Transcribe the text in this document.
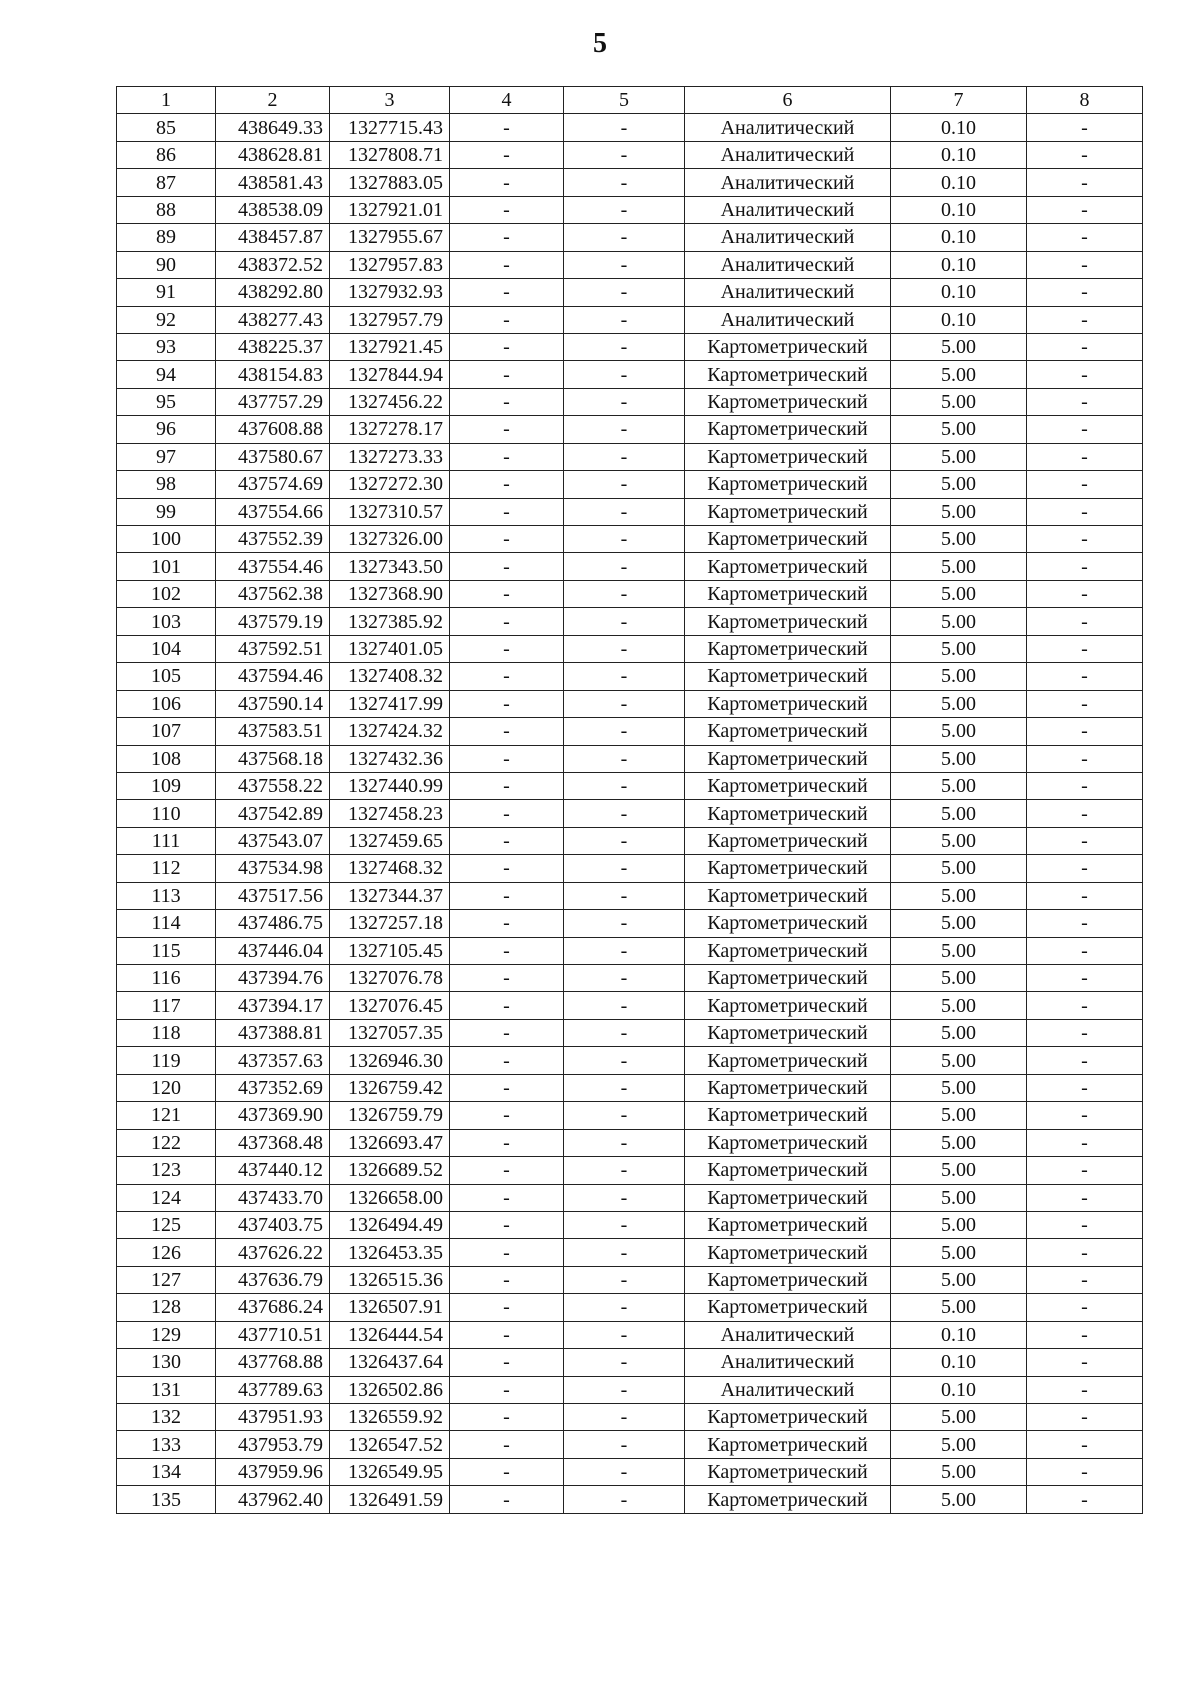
5
1	2	3	4	5	6	7	8
85	438649.33	1327715.43	-	-	Аналитический	0.10	-
86	438628.81	1327808.71	-	-	Аналитический	0.10	-
87	438581.43	1327883.05	-	-	Аналитический	0.10	-
88	438538.09	1327921.01	-	-	Аналитический	0.10	-
89	438457.87	1327955.67	-	-	Аналитический	0.10	-
90	438372.52	1327957.83	-	-	Аналитический	0.10	-
91	438292.80	1327932.93	-	-	Аналитический	0.10	-
92	438277.43	1327957.79	-	-	Аналитический	0.10	-
93	438225.37	1327921.45	-	-	Картометрический	5.00	-
94	438154.83	1327844.94	-	-	Картометрический	5.00	-
95	437757.29	1327456.22	-	-	Картометрический	5.00	-
96	437608.88	1327278.17	-	-	Картометрический	5.00	-
97	437580.67	1327273.33	-	-	Картометрический	5.00	-
98	437574.69	1327272.30	-	-	Картометрический	5.00	-
99	437554.66	1327310.57	-	-	Картометрический	5.00	-
100	437552.39	1327326.00	-	-	Картометрический	5.00	-
101	437554.46	1327343.50	-	-	Картометрический	5.00	-
102	437562.38	1327368.90	-	-	Картометрический	5.00	-
103	437579.19	1327385.92	-	-	Картометрический	5.00	-
104	437592.51	1327401.05	-	-	Картометрический	5.00	-
105	437594.46	1327408.32	-	-	Картометрический	5.00	-
106	437590.14	1327417.99	-	-	Картометрический	5.00	-
107	437583.51	1327424.32	-	-	Картометрический	5.00	-
108	437568.18	1327432.36	-	-	Картометрический	5.00	-
109	437558.22	1327440.99	-	-	Картометрический	5.00	-
110	437542.89	1327458.23	-	-	Картометрический	5.00	-
111	437543.07	1327459.65	-	-	Картометрический	5.00	-
112	437534.98	1327468.32	-	-	Картометрический	5.00	-
113	437517.56	1327344.37	-	-	Картометрический	5.00	-
114	437486.75	1327257.18	-	-	Картометрический	5.00	-
115	437446.04	1327105.45	-	-	Картометрический	5.00	-
116	437394.76	1327076.78	-	-	Картометрический	5.00	-
117	437394.17	1327076.45	-	-	Картометрический	5.00	-
118	437388.81	1327057.35	-	-	Картометрический	5.00	-
119	437357.63	1326946.30	-	-	Картометрический	5.00	-
120	437352.69	1326759.42	-	-	Картометрический	5.00	-
121	437369.90	1326759.79	-	-	Картометрический	5.00	-
122	437368.48	1326693.47	-	-	Картометрический	5.00	-
123	437440.12	1326689.52	-	-	Картометрический	5.00	-
124	437433.70	1326658.00	-	-	Картометрический	5.00	-
125	437403.75	1326494.49	-	-	Картометрический	5.00	-
126	437626.22	1326453.35	-	-	Картометрический	5.00	-
127	437636.79	1326515.36	-	-	Картометрический	5.00	-
128	437686.24	1326507.91	-	-	Картометрический	5.00	-
129	437710.51	1326444.54	-	-	Аналитический	0.10	-
130	437768.88	1326437.64	-	-	Аналитический	0.10	-
131	437789.63	1326502.86	-	-	Аналитический	0.10	-
132	437951.93	1326559.92	-	-	Картометрический	5.00	-
133	437953.79	1326547.52	-	-	Картометрический	5.00	-
134	437959.96	1326549.95	-	-	Картометрический	5.00	-
135	437962.40	1326491.59	-	-	Картометрический	5.00	-
